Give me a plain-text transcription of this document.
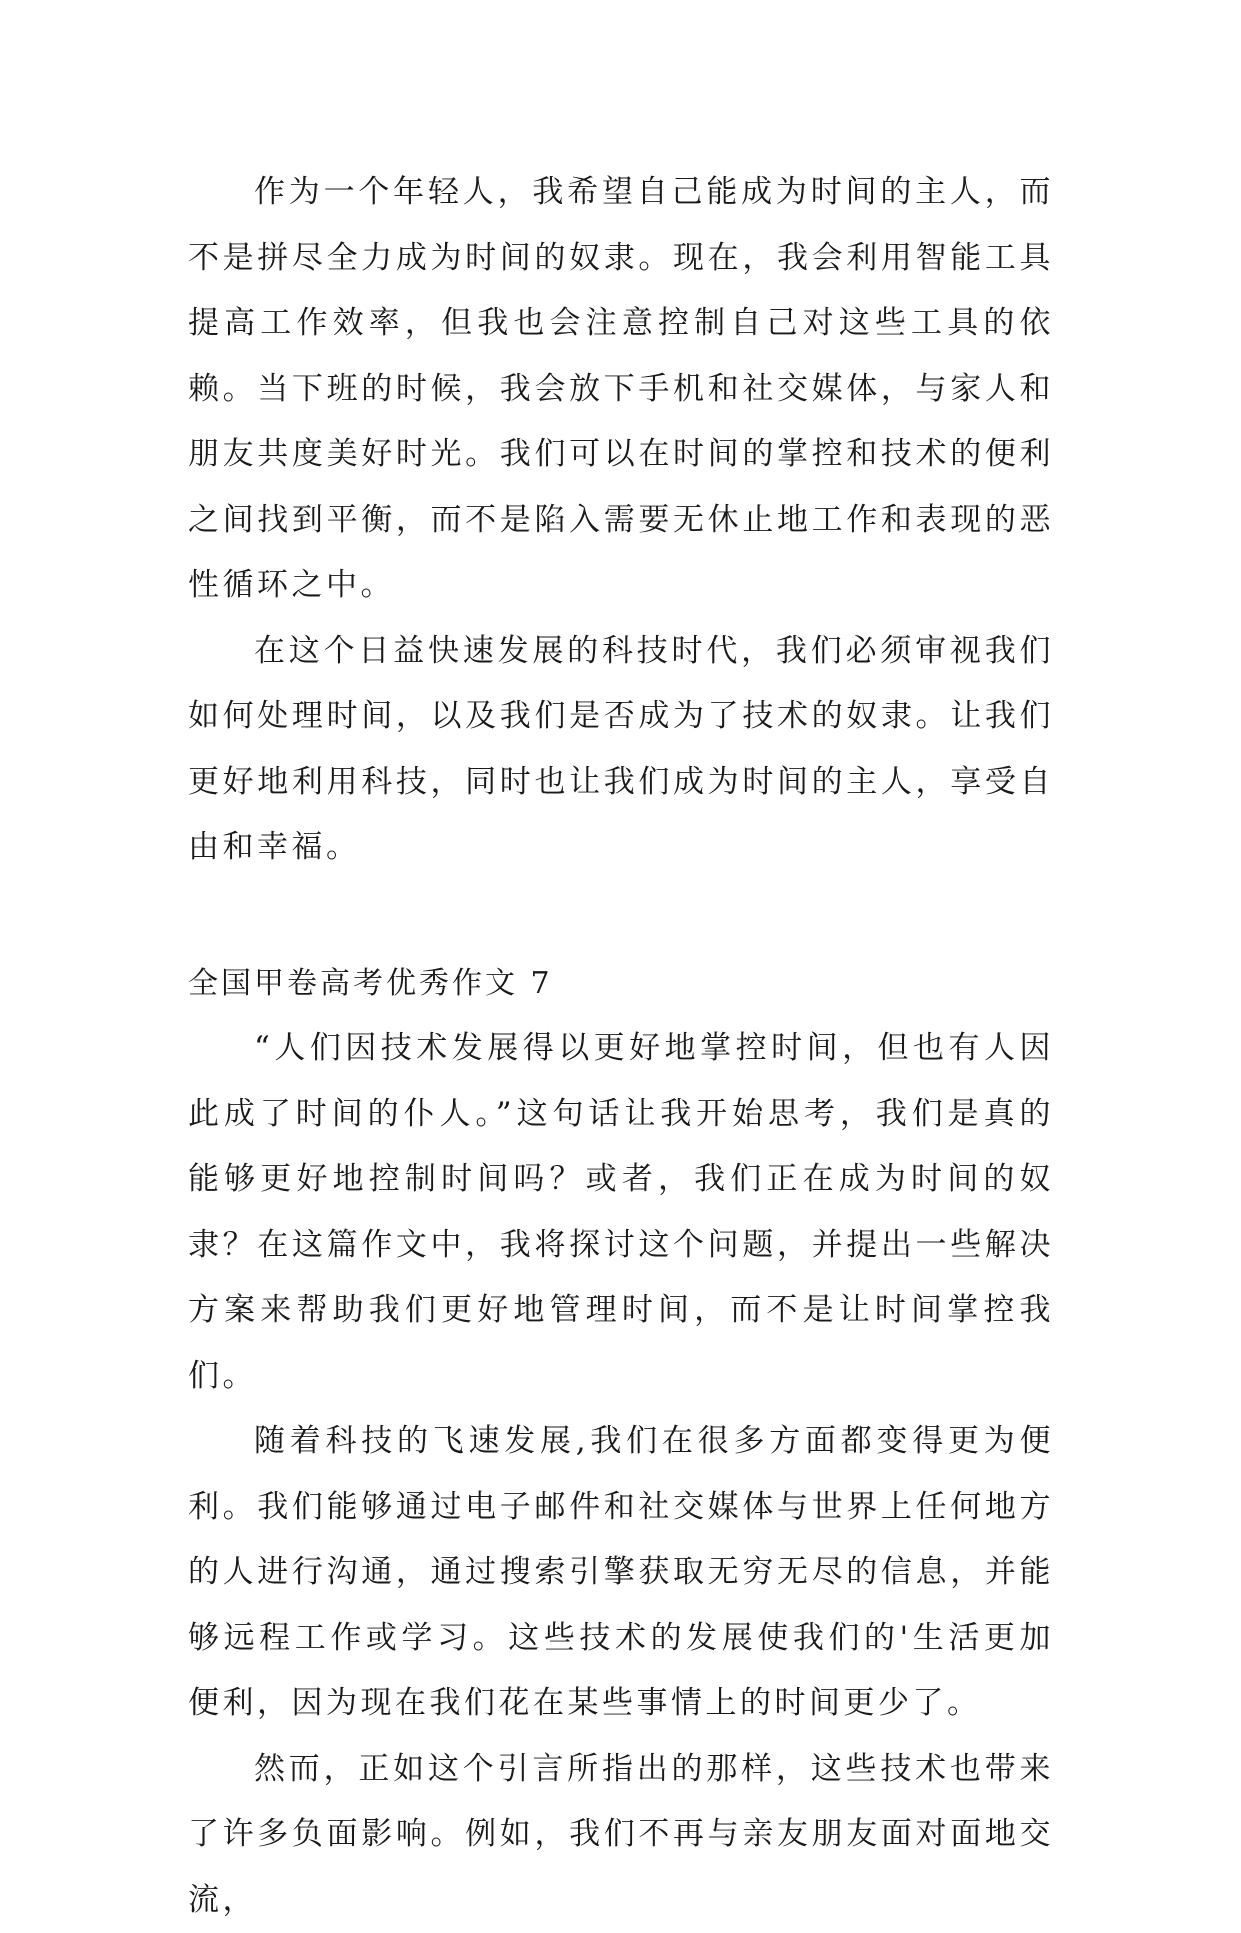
作为一个年轻人，我希望自己能成为时间的主人，而不是拼尽全力成为时间的奴隶。现在，我会利用智能工具提高工作效率，但我也会注意控制自己对这些工具的依赖。当下班的时候，我会放下手机和社交媒体，与家人和朋友共度美好时光。我们可以在时间的掌控和技术的便利之间找到平衡，而不是陷入需要无休止地工作和表现的恶性循环之中。

在这个日益快速发展的科技时代，我们必须审视我们如何处理时间，以及我们是否成为了技术的奴隶。让我们更好地利用科技，同时也让我们成为时间的主人，享受自由和幸福。

全国甲卷高考优秀作文 7

“人们因技术发展得以更好地掌控时间，但也有人因此成了时间的仆人。”这句话让我开始思考，我们是真的能够更好地控制时间吗？或者，我们正在成为时间的奴隶？在这篇作文中，我将探讨这个问题，并提出一些解决方案来帮助我们更好地管理时间，而不是让时间掌控我们。

随着科技的飞速发展,我们在很多方面都变得更为便利。我们能够通过电子邮件和社交媒体与世界上任何地方的人进行沟通，通过搜索引擎获取无穷无尽的信息，并能够远程工作或学习。这些技术的发展使我们的'生活更加便利，因为现在我们花在某些事情上的时间更少了。

然而，正如这个引言所指出的那样，这些技术也带来了许多负面影响。例如，我们不再与亲友朋友面对面地交流，
